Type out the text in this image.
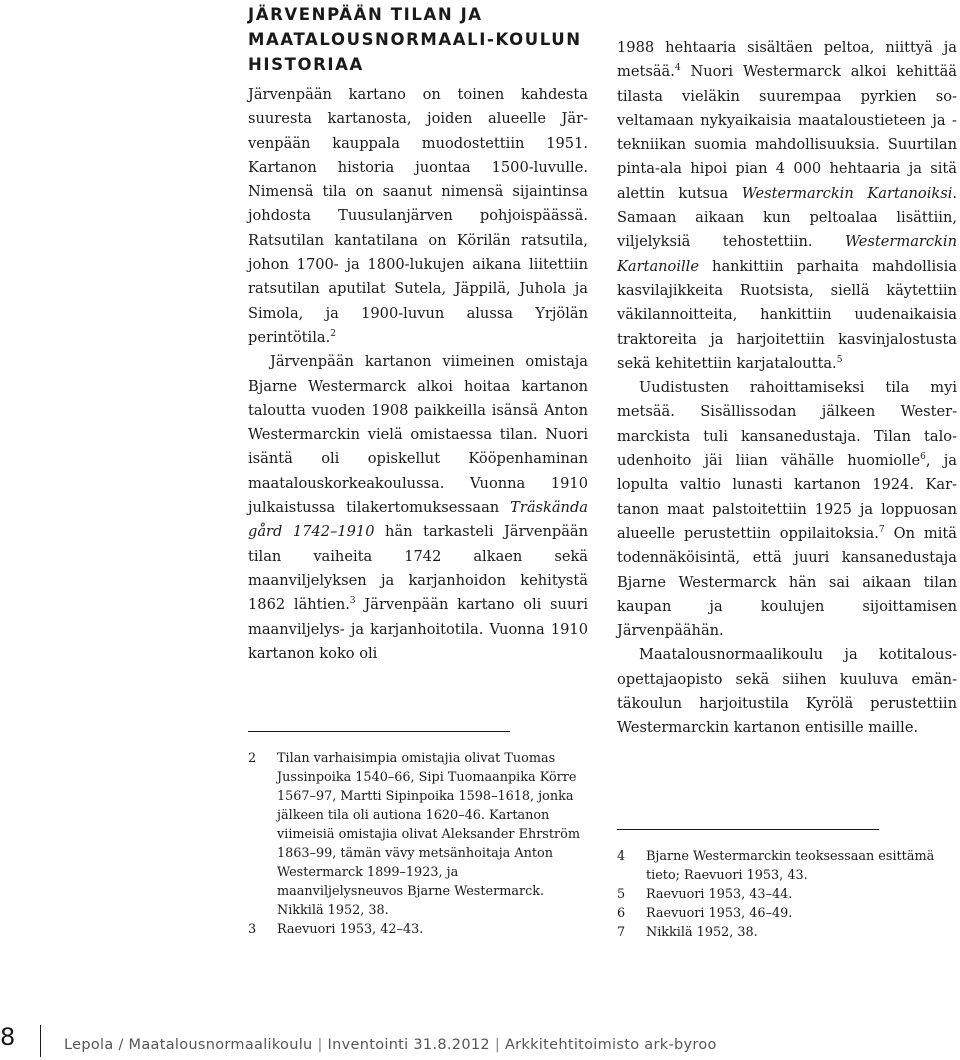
JÄRVENPÄÄN TILAN JA MAATALOUSNORMAALI-KOULUN HISTORIAA

Järvenpään kartano on toinen kahdesta suuresta kartanosta, joiden alueelle Järvenpään kauppala muodostettiin 1951. Kartanon historia juontaa 1500-luvulle. Nimensä tila on saanut nimensä sijaintinsa johdosta Tuusulanjärven pohjoispäässä. Ratsutilan kantatilana on Körilän ratsutila, johon 1700- ja 1800-lukujen aikana liitettiin ratsutilan aputilat Sutela, Jäppilä, Juhola ja Simola, ja 1900-luvun alussa Yrjölän perintötila.$^2$

Järvenpään kartanon viimeinen omistaja Bjarne Westermarck alkoi hoitaa kartanon taloutta vuoden 1908 paikkeilla isänsä Anton Westermarckin vielä omistaessa tilan. Nuori isäntä oli opiskellut Kööpenhaminan maatalouskorkeakoulussa. Vuonna 1910 julkaistussa tilakertomuksessaan Träskända gård 1742–1910 hän tarkasteli Järvenpään tilan vaiheita 1742 alkaen sekä maanviljelyksen ja karjanhoidon kehitystä 1862 lähtien.$^3$ Järvenpään kartano oli suuri maanviljelys- ja karjanhoitotila. Vuonna 1910 kartanon koko oli

2	Tilan varhaisimpia omistajia olivat Tuomas Jussinpoika 1540–66, Sipi Tuomaanpika Körre 1567–97, Martti Sipinpoika 1598–1618, jonka jälkeen tila oli autiona 1620–46. Kartanon viimeisiä omistajia olivat Aleksander Ehrström 1863–99, tämän vävy metsänhoitaja Anton Westermarck 1899–1923, ja maanviljelysneuvos Bjarne Westermarck. Nikkilä 1952, 38.
3	Raevuori 1953, 42–43.

1988 hehtaaria sisältäen peltoa, niittyä ja metsää.$^4$ Nuori Westermarck alkoi kehittää tilasta vieläkin suurempaa pyrkien soveltamaan nykyaikaisia maataloustieteen ja -tekniikan suomia mahdollisuuksia. Suurtilan pinta-ala hipoi pian 4 000 hehtaaria ja sitä alettin kutsua Westermarckin Kartanoiksi. Samaan aikaan kun peltoalaa lisättiin, viljelyksiä tehostettiin. Westermarckin Kartanoille hankittiin parhaita mahdollisia kasvilajikkeita Ruotsista, siellä käytettiin väkilannoitteita, hankittiin uudenaikaisia traktoreita ja harjoitettiin kasvinjalostusta sekä kehitettiin karjataloutta.$^5$

Uudistusten rahoittamiseksi tila myi metsää. Sisällissodan jälkeen Westermarckista tuli kansanedustaja. Tilan taloudenhoito jäi liian vähälle huomiolle$^6$, ja lopulta valtio lunasti kartanon 1924. Kartanon maat palstoitettiin 1925 ja loppuosan alueelle perustettiin oppilaitoksia.$^7$ On mitä todennäköisintä, että juuri kansanedustaja Bjarne Westermarck hän sai aikaan tilan kaupan ja koulujen sijoittamisen Järvenpäähän.

Maatalousnormaalikoulu ja kotitalousopettajaopisto sekä siihen kuuluva emäntäkoulun harjoitustila Kyrölä perustettiin Westermarckin kartanon entisille maille.

4	Bjarne Westermarckin teoksessaan esittämä tieto; Raevuori 1953, 43.
5	Raevuori 1953, 43–44.
6	Raevuori 1953, 46–49.
7	Nikkilä 1952, 38.
8	Lepola / Maatalousnormaalikoulu | Inventointi 31.8.2012 | Arkkitehtitoimisto ark-byroo
